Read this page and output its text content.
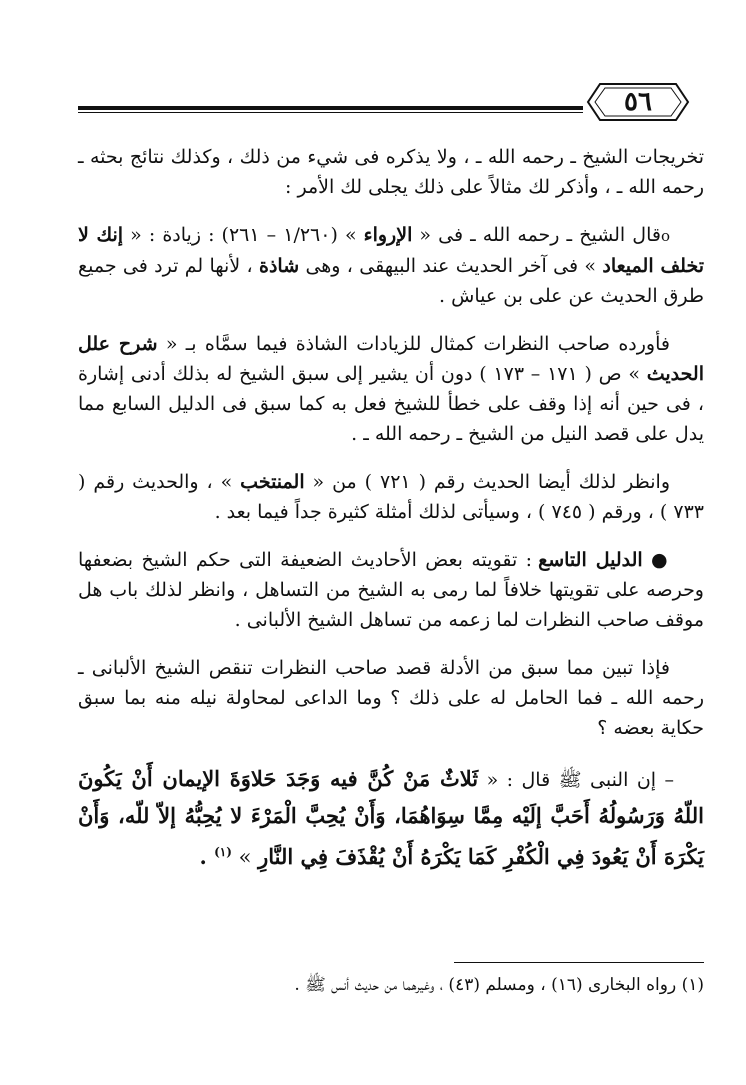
٥٦

تخريجات الشيخ ـ رحمه الله ـ ، ولا يذكره فى شيء من ذلك ، وكذلك نتائج بحثه ـ رحمه الله ـ ، وأذكر لك مثالاً على ذلك يجلى لك الأمر :

oقال الشيخ ـ رحمه الله ـ فى « الإرواء » (١/٢٦٠ – ٢٦١) : زيادة : « إنك لا تخلف الميعاد » فى آخر الحديث عند البيهقى ، وهى شاذة ، لأنها لم ترد فى جميع طرق الحديث عن على بن عياش .

فأورده صاحب النظرات كمثال للزيادات الشاذة فيما سمَّاه بـ « شرح علل الحديث » ص ( ١٧١ – ١٧٣ ) دون أن يشير إلى سبق الشيخ له بذلك أدنى إشارة ، فى حين أنه إذا وقف على خطأ للشيخ فعل به كما سبق فى الدليل السابع مما يدل على قصد النيل من الشيخ ـ رحمه الله ـ .

وانظر لذلك أيضا الحديث رقم ( ٧٢١ ) من « المنتخب » ، والحديث رقم ( ٧٣٣ ) ، ورقم ( ٧٤٥ ) ، وسيأتى لذلك أمثلة كثيرة جداً فيما بعد .

● الدليل التاسع : تقويته بعض الأحاديث الضعيفة التى حكم الشيخ بضعفها وحرصه على تقويتها خلافاً لما رمى به الشيخ من التساهل ، وانظر لذلك باب هل موقف صاحب النظرات لما زعمه من تساهل الشيخ الألبانى .

فإذا تبين مما سبق من الأدلة قصد صاحب النظرات تنقص الشيخ الألبانى ـ رحمه الله ـ فما الحامل له على ذلك ؟ وما الداعى لمحاولة نيله منه بما سبق حكاية بعضه ؟

– إن النبى ﷺ قال : « ثَلاثٌ مَنْ كُنَّ فيه وَجَدَ حَلاوَةَ الإيمان أَنْ يَكُونَ اللّهُ وَرَسُولُهُ أَحَبَّ إلَيْه مِمَّا سِوَاهُمَا، وَأَنْ يُحِبَّ الْمَرْءَ لا يُحِبُّهُ إلاّ للّه، وَأَنْ يَكْرَهَ أَنْ يَعُودَ فِي الْكُفْرِ كَمَا يَكْرَهُ أَنْ يُقْذَفَ فِي النَّارِ » $^{(١)}$ .

(١) رواه البخارى (١٦) ، ومسلم (٤٣) ، وغيرهما من حديث أنس ﷺ .
